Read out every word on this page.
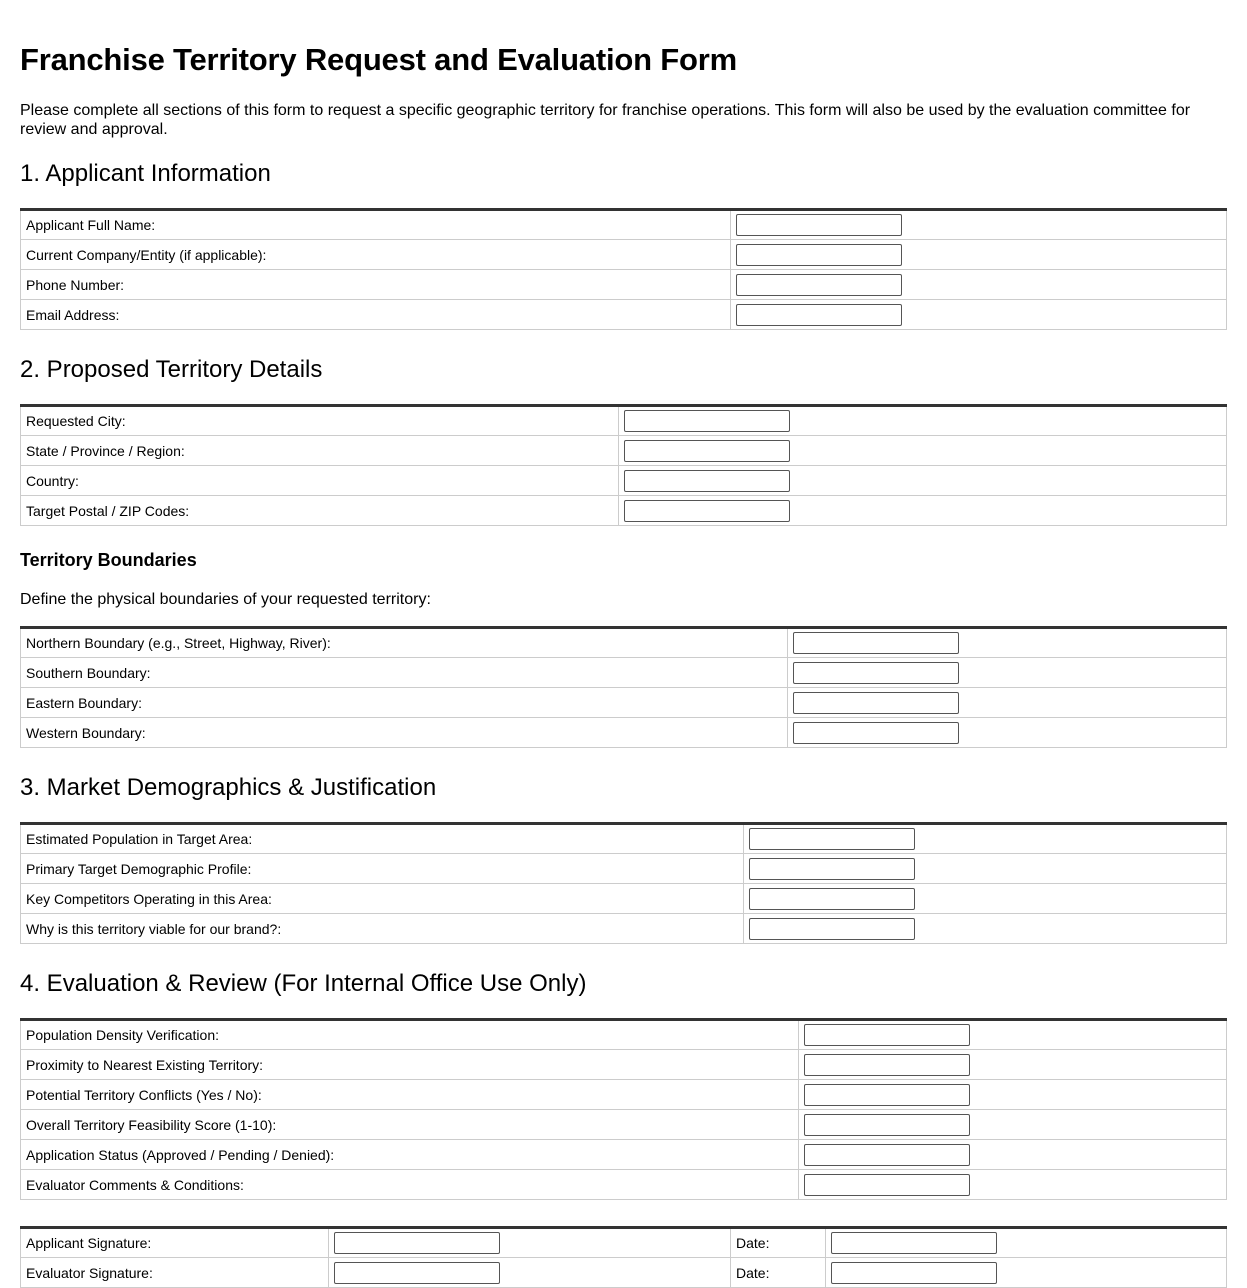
Franchise Territory Request and Evaluation Form

Please complete all sections of this form to request a specific geographic territory for franchise operations. This form will also be used by the evaluation committee for review and approval.

1. Applicant Information
Applicant Full Name:	

Current Company/Entity (if applicable):	

Phone Number:	

Email Address:	
2. Proposed Territory Details
Requested City:	

State / Province / Region:	

Country:	

Target Postal / ZIP Codes:	
Territory Boundaries

Define the physical boundaries of your requested territory:

Northern Boundary (e.g., Street, Highway, River):	

Southern Boundary:	

Eastern Boundary:	

Western Boundary:	
3. Market Demographics & Justification
Estimated Population in Target Area:	

Primary Target Demographic Profile:	

Key Competitors Operating in this Area:	

Why is this territory viable for our brand?:	
4. Evaluation & Review (For Internal Office Use Only)
Population Density Verification:	

Proximity to Nearest Existing Territory:	

Potential Territory Conflicts (Yes / No):	

Overall Territory Feasibility Score (1-10):	

Application Status (Approved / Pending / Denied):	

Evaluator Comments & Conditions:	
Applicant Signature:		Date:	

Evaluator Signature:		Date:	
